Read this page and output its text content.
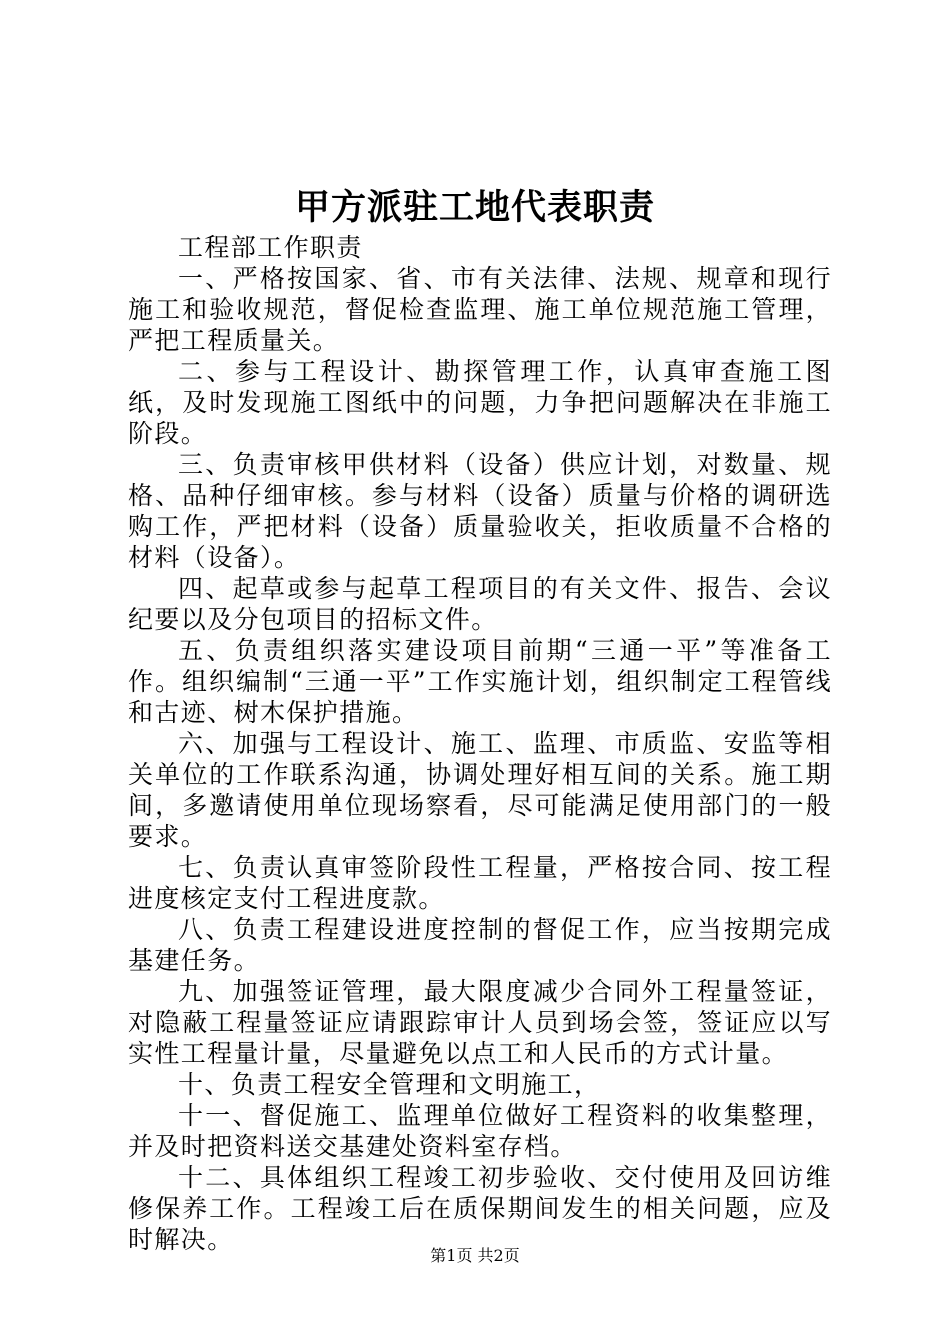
甲方派驻工地代表职责

工程部工作职责

一、严格按国家、省、市有关法律、法规、规章和现行施工和验收规范，督促检查监理、施工单位规范施工管理，严把工程质量关。

二、参与工程设计、勘探管理工作，认真审查施工图纸，及时发现施工图纸中的问题，力争把问题解决在非施工阶段。

三、负责审核甲供材料（设备）供应计划，对数量、规格、品种仔细审核。参与材料（设备）质量与价格的调研选购工作，严把材料（设备）质量验收关，拒收质量不合格的材料（设备）。

四、起草或参与起草工程项目的有关文件、报告、会议纪要以及分包项目的招标文件。

五、负责组织落实建设项目前期“三通一平”等准备工作。组织编制“三通一平”工作实施计划，组织制定工程管线和古迹、树木保护措施。

六、加强与工程设计、施工、监理、市质监、安监等相关单位的工作联系沟通，协调处理好相互间的关系。施工期间，多邀请使用单位现场察看，尽可能满足使用部门的一般要求。

七、负责认真审签阶段性工程量，严格按合同、按工程进度核定支付工程进度款。

八、负责工程建设进度控制的督促工作，应当按期完成基建任务。

九、加强签证管理，最大限度减少合同外工程量签证，对隐蔽工程量签证应请跟踪审计人员到场会签，签证应以写实性工程量计量，尽量避免以点工和人民币的方式计量。

十、负责工程安全管理和文明施工，

十一、督促施工、监理单位做好工程资料的收集整理，并及时把资料送交基建处资料室存档。

十二、具体组织工程竣工初步验收、交付使用及回访维修保养工作。工程竣工后在质保期间发生的相关问题，应及时解决。

第1页 共2页
